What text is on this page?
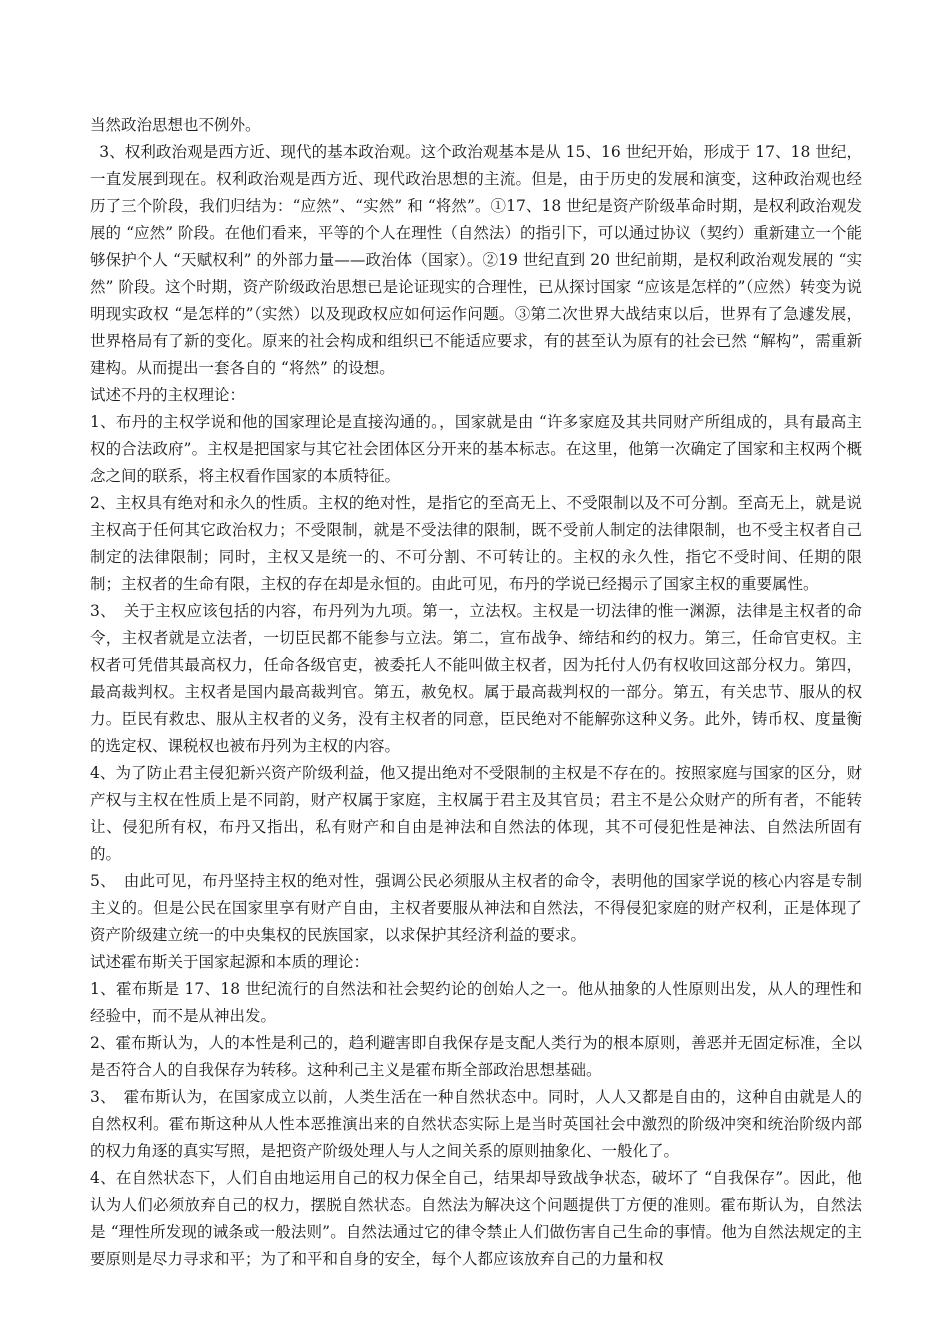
当然政治思想也不例外。

3、权利政治观是西方近、现代的基本政治观。这个政治观基本是从 15、16 世纪开始，形成于 17、18 世纪，一直发展到现在。权利政治观是西方近、现代政治思想的主流。但是，由于历史的发展和演变，这种政治观也经历了三个阶段，我们归结为：“应然”、“实然” 和 “将然”。①17、18 世纪是资产阶级革命时期，是权利政治观发展的 “应然” 阶段。在他们看来，平等的个人在理性（自然法）的指引下，可以通过协议（契约）重新建立一个能够保护个人 “天赋权利” 的外部力量——政治体（国家）。②19 世纪直到 20 世纪前期，是权利政治观发展的 “实然” 阶段。这个时期，资产阶级政治思想已是论证现实的合理性，已从探讨国家 “应该是怎样的”（应然）转变为说明现实政权 “是怎样的”（实然）以及现政权应如何运作问题。③第二次世界大战结束以后，世界有了急遽发展，世界格局有了新的变化。原来的社会构成和组织已不能适应要求，有的甚至认为原有的社会已然 “解构”，需重新建构。从而提出一套各自的 “将然” 的设想。

试述不丹的主权理论：

1、布丹的主权学说和他的国家理论是直接沟通的。，国家就是由 “许多家庭及其共同财产所组成的，具有最高主权的合法政府”。主权是把国家与其它社会团体区分开来的基本标志。在这里，他第一次确定了国家和主权两个概念之间的联系，将主权看作国家的本质特征。

2、主权具有绝对和永久的性质。主权的绝对性，是指它的至高无上、不受限制以及不可分割。至高无上，就是说主权高于任何其它政治权力；不受限制，就是不受法律的限制，既不受前人制定的法律限制，也不受主权者自己制定的法律限制；同时，主权又是统一的、不可分割、不可转让的。主权的永久性，指它不受时间、任期的限制；主权者的生命有限，主权的存在却是永恒的。由此可见，布丹的学说已经揭示了国家主权的重要属性。

3、　关于主权应该包括的内容，布丹列为九项。第一，立法权。主权是一切法律的惟一渊源，法律是主权者的命令，主权者就是立法者，一切臣民都不能参与立法。第二，宣布战争、缔结和约的权力。第三，任命官吏权。主权者可凭借其最高权力，任命各级官吏，被委托人不能叫做主权者，因为托付人仍有权收回这部分权力。第四，最高裁判权。主权者是国内最高裁判官。第五，赦免权。属于最高裁判权的一部分。第五，有关忠节、服从的权力。臣民有救忠、服从主权者的义务，没有主权者的同意，臣民绝对不能解弥这种义务。此外，铸币权、度量衡的选定权、课税权也被布丹列为主权的内容。

4、为了防止君主侵犯新兴资产阶级利益，他又提出绝对不受限制的主权是不存在的。按照家庭与国家的区分，财产权与主权在性质上是不同韵，财产权属于家庭，主权属于君主及其官员；君主不是公众财产的所有者，不能转让、侵犯所有权，布丹又指出，私有财产和自由是神法和自然法的体现，其不可侵犯性是神法、自然法所固有的。

5、　由此可见，布丹坚持主权的绝对性，强调公民必须服从主权者的命令，表明他的国家学说的核心内容是专制主义的。但是公民在国家里享有财产自由，主权者要服从神法和自然法，不得侵犯家庭的财产权利，正是体现了资产阶级建立统一的中央集权的民族国家，以求保护其经济利益的要求。

试述霍布斯关于国家起源和本质的理论：

1、霍布斯是 17、18 世纪流行的自然法和社会契约论的创始人之一。他从抽象的人性原则出发，从人的理性和经验中，而不是从神出发。

2、霍布斯认为，人的本性是利己的，趋利避害即自我保存是支配人类行为的根本原则，善恶并无固定标准，全以是否符合人的自我保存为转移。这种利己主义是霍布斯全部政治思想基础。

3、　霍布斯认为，在国家成立以前，人类生活在一种自然状态中。同时，人人又都是自由的，这种自由就是人的自然权利。霍布斯这种从人性本恶推演出来的自然状态实际上是当时英国社会中激烈的阶级冲突和统治阶级内部的权力角逐的真实写照，是把资产阶级处理人与人之间关系的原则抽象化、一般化了。

4、在自然状态下，人们自由地运用自己的权力保全自己，结果却导致战争状态，破坏了 “自我保存”。因此，他认为人们必须放弃自己的权力，摆脱自然状态。自然法为解决这个问题提供丁方便的准则。霍布斯认为，自然法是 “理性所发现的诫条或一般法则”。自然法通过它的律令禁止人们做伤害自己生命的事情。他为自然法规定的主要原则是尽力寻求和平；为了和平和自身的安全，每个人都应该放弃自己的力量和权
